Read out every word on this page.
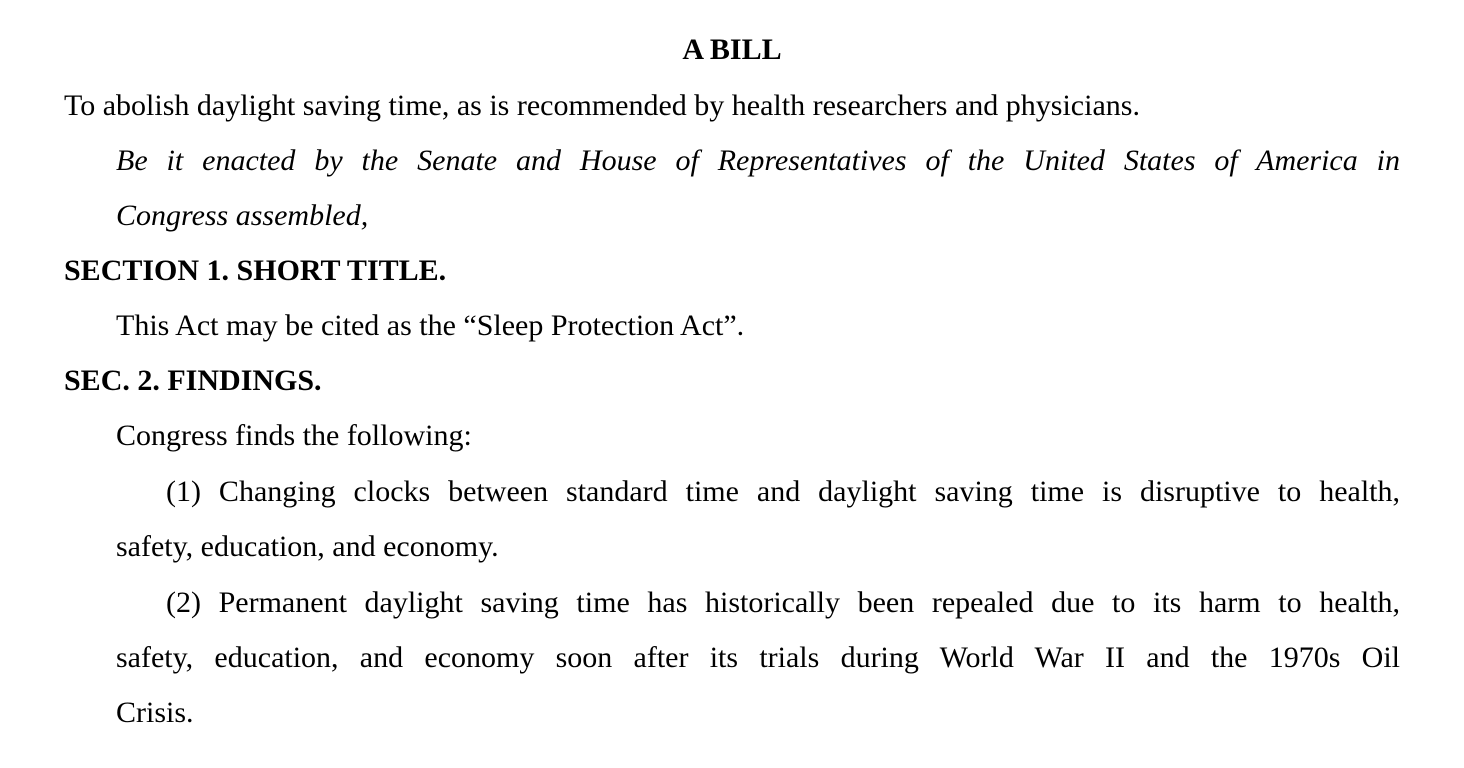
A BILL
To abolish daylight saving time, as is recommended by health researchers and physicians.
Be it enacted by the Senate and House of Representatives of the United States of America in
Congress assembled,
SECTION 1. SHORT TITLE.
This Act may be cited as the “Sleep Protection Act”.
SEC. 2. FINDINGS.
Congress finds the following:
(1) Changing clocks between standard time and daylight saving time is disruptive to health,
safety, education, and economy.
(2) Permanent daylight saving time has historically been repealed due to its harm to health,
safety, education, and economy soon after its trials during World War II and the 1970s Oil
Crisis.
